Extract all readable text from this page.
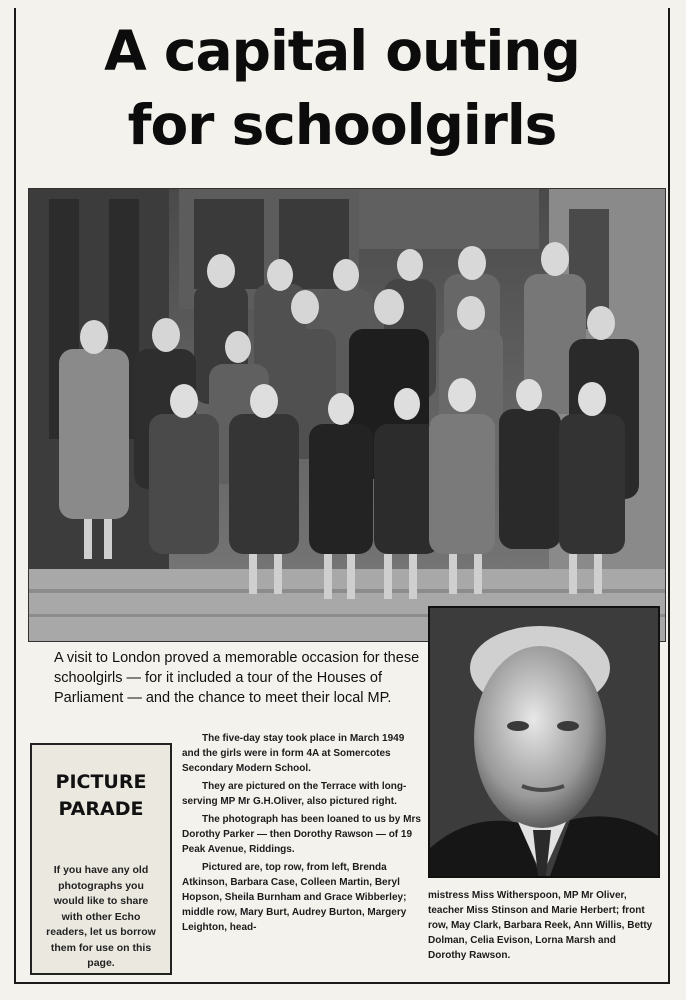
A capital outing
for schoolgirls
A visit to London proved a memorable occasion for these schoolgirls — for it included a tour of the Houses of Parliament — and the chance to meet their local MP.
PICTURE
PARADE
If you have any old photographs you would like to share with other Echo readers, let us borrow them for use on this page.

The five-day stay took place in March 1949 and the girls were in form 4A at Somercotes Secondary Modern School.

They are pictured on the Terrace with long-serving MP Mr G.H.Oliver, also pictured right.

The photograph has been loaned to us by Mrs Dorothy Parker — then Dorothy Rawson — of 19 Peak Avenue, Riddings.

Pictured are, top row, from left, Brenda Atkinson, Barbara Case, Colleen Martin, Beryl Hopson, Sheila Burnham and Grace Wibberley; middle row, Mary Burt, Audrey Burton, Margery Leighton, head-

mistress Miss Witherspoon, MP Mr Oliver, teacher Miss Stinson and Marie Herbert; front row, May Clark, Barbara Reek, Ann Willis, Betty Dolman, Celia Evison, Lorna Marsh and Dorothy Rawson.
